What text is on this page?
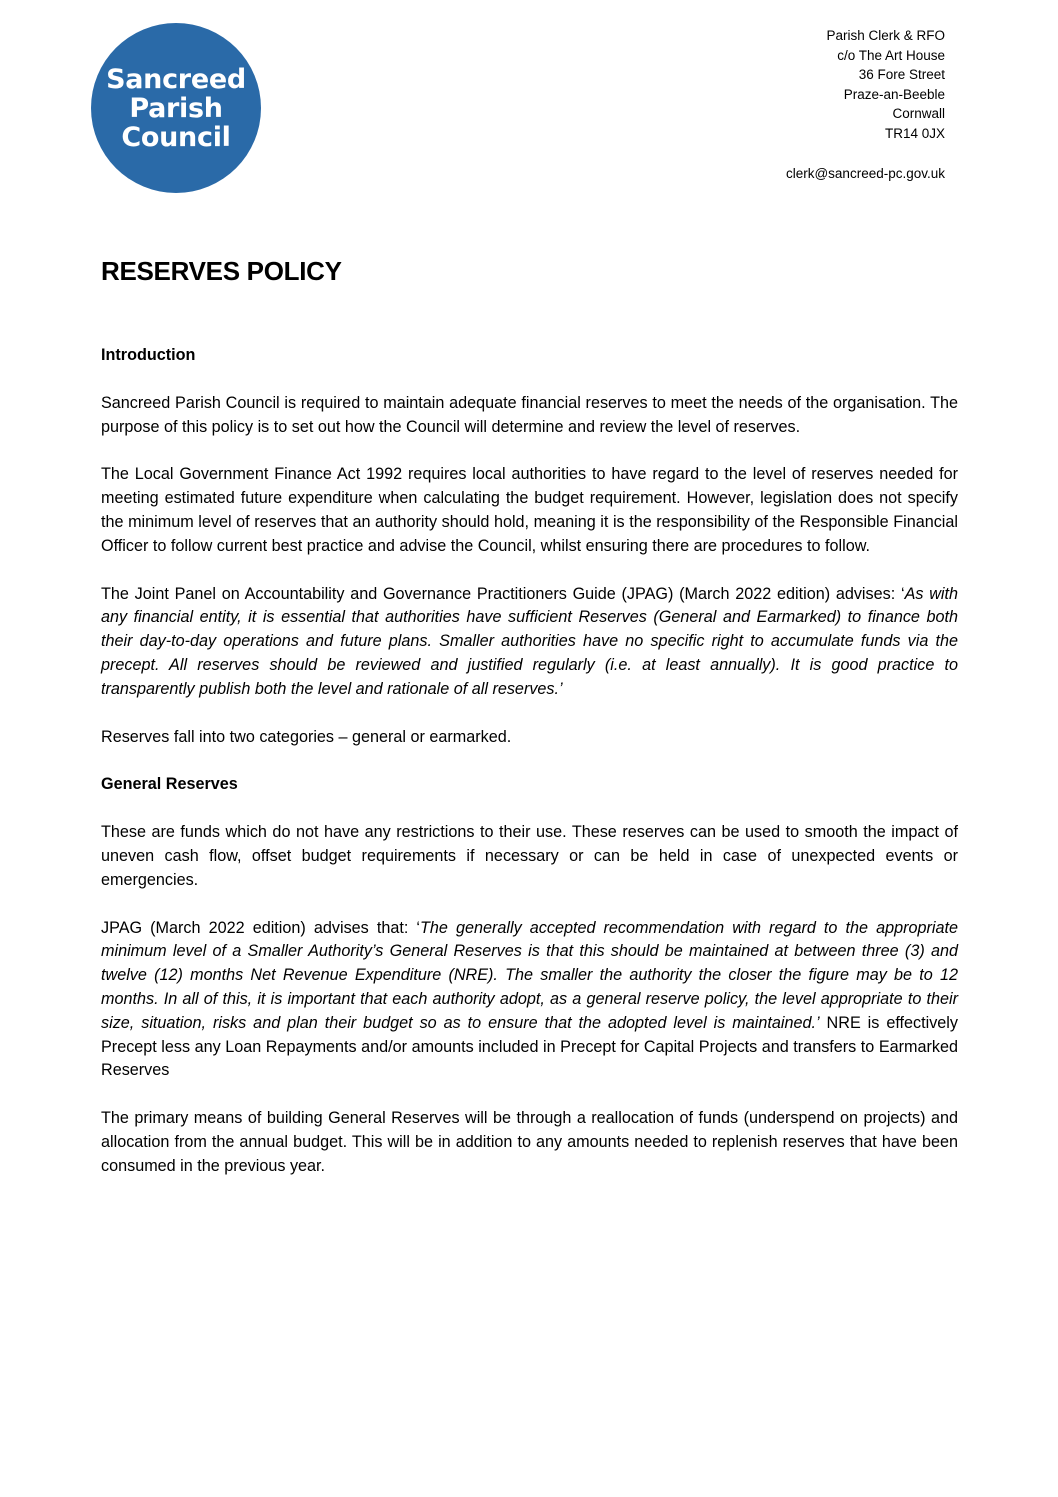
Sancreed
Parish
Council
Parish Clerk & RFO
c/o The Art House
36 Fore Street
Praze-an-Beeble
Cornwall
TR14 0JX
clerk@sancreed-pc.gov.uk
RESERVES POLICY
Introduction

Sancreed Parish Council is required to maintain adequate financial reserves to meet the needs of the organisation. The purpose of this policy is to set out how the Council will determine and review the level of reserves.

The Local Government Finance Act 1992 requires local authorities to have regard to the level of reserves needed for meeting estimated future expenditure when calculating the budget requirement. However, legislation does not specify the minimum level of reserves that an authority should hold, meaning it is the responsibility of the Responsible Financial Officer to follow current best practice and advise the Council, whilst ensuring there are procedures to follow.

The Joint Panel on Accountability and Governance Practitioners Guide (JPAG) (March 2022 edition) advises: ‘As with any financial entity, it is essential that authorities have sufficient Reserves (General and Earmarked) to finance both their day-to-day operations and future plans. Smaller authorities have no specific right to accumulate funds via the precept. All reserves should be reviewed and justified regularly (i.e. at least annually). It is good practice to transparently publish both the level and rationale of all reserves.’

Reserves fall into two categories – general or earmarked.

General Reserves

These are funds which do not have any restrictions to their use. These reserves can be used to smooth the impact of uneven cash flow, offset budget requirements if necessary or can be held in case of unexpected events or emergencies.

JPAG (March 2022 edition) advises that: ‘The generally accepted recommendation with regard to the appropriate minimum level of a Smaller Authority’s General Reserves is that this should be maintained at between three (3) and twelve (12) months Net Revenue Expenditure (NRE). The smaller the authority the closer the figure may be to 12 months. In all of this, it is important that each authority adopt, as a general reserve policy, the level appropriate to their size, situation, risks and plan their budget so as to ensure that the adopted level is maintained.’ NRE is effectively Precept less any Loan Repayments and/or amounts included in Precept for Capital Projects and transfers to Earmarked Reserves

The primary means of building General Reserves will be through a reallocation of funds (underspend on projects) and allocation from the annual budget. This will be in addition to any amounts needed to replenish reserves that have been consumed in the previous year.
